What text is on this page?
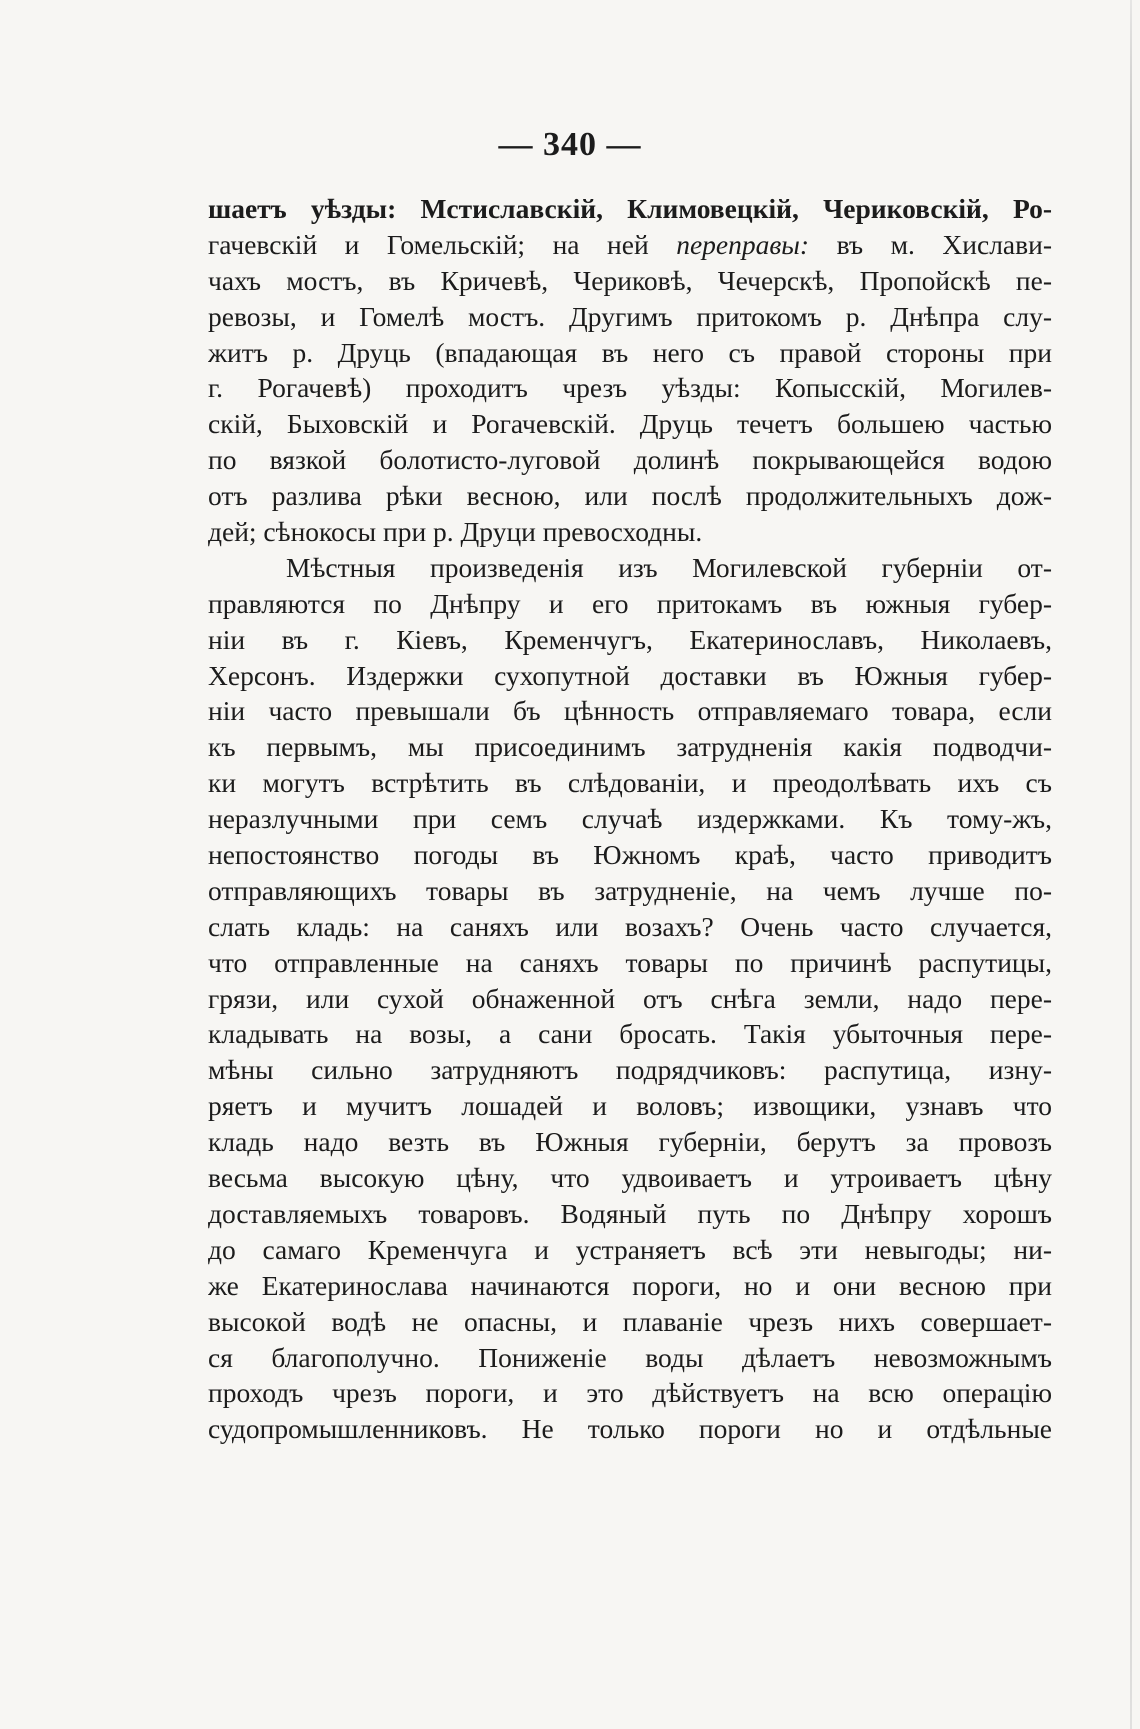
— 340 —
шаетъ уѣзды: Мстиславскій, Климовецкій, Чериковскій, Ро-
гачевскій и Гомельскій; на ней переправы: въ м. Хислави-
чахъ мостъ, въ Кричевѣ, Чериковѣ, Чечерскѣ, Пропойскѣ пе-
ревозы, и Гомелѣ мостъ. Другимъ притокомъ р. Днѣпра слу-
житъ р. Друць (впадающая въ него съ правой стороны при
г. Рогачевѣ) проходитъ чрезъ уѣзды: Копысскій, Могилев-
скій, Быховскій и Рогачевскій. Друць течетъ большею частью
по вязкой болотисто-луговой долинѣ покрывающейся водою
отъ разлива рѣки весною, или послѣ продолжительныхъ дож-
дей; сѣнокосы при р. Друци превосходны.
Мѣстныя произведенія изъ Могилевской губерніи от-
правляются по Днѣпру и его притокамъ въ южныя губер-
ніи въ г. Кіевъ, Кременчугъ, Екатеринославъ, Николаевъ,
Херсонъ. Издержки сухопутной доставки въ Южныя губер-
ніи часто превышали бъ цѣнность отправляемаго товара, если
къ первымъ, мы присоединимъ затрудненія какія подводчи-
ки могутъ встрѣтить въ слѣдованіи, и преодолѣвать ихъ съ
неразлучными при семъ случаѣ издержками. Къ тому-жъ,
непостоянство погоды въ Южномъ краѣ, часто приводитъ
отправляющихъ товары въ затрудненіе, на чемъ лучше по-
слать кладь: на саняхъ или возахъ? Очень часто случается,
что отправленные на саняхъ товары по причинѣ распутицы,
грязи, или сухой обнаженной отъ снѣга земли, надо пере-
кладывать на возы, а сани бросать. Такія убыточныя пере-
мѣны сильно затрудняютъ подрядчиковъ: распутица, изну-
ряетъ и мучитъ лошадей и воловъ; извощики, узнавъ что
кладь надо везть въ Южныя губерніи, берутъ за провозъ
весьма высокую цѣну, что удвоиваетъ и утроиваетъ цѣну
доставляемыхъ товаровъ. Водяный путь по Днѣпру хорошъ
до самаго Кременчуга и устраняетъ всѣ эти невыгоды; ни-
же Екатеринослава начинаются пороги, но и они весною при
высокой водѣ не опасны, и плаваніе чрезъ нихъ совершает-
ся благополучно. Пониженіе воды дѣлаетъ невозможнымъ
проходъ чрезъ пороги, и это дѣйствуетъ на всю операцію
судопромышленниковъ. Не только пороги но и отдѣльные
